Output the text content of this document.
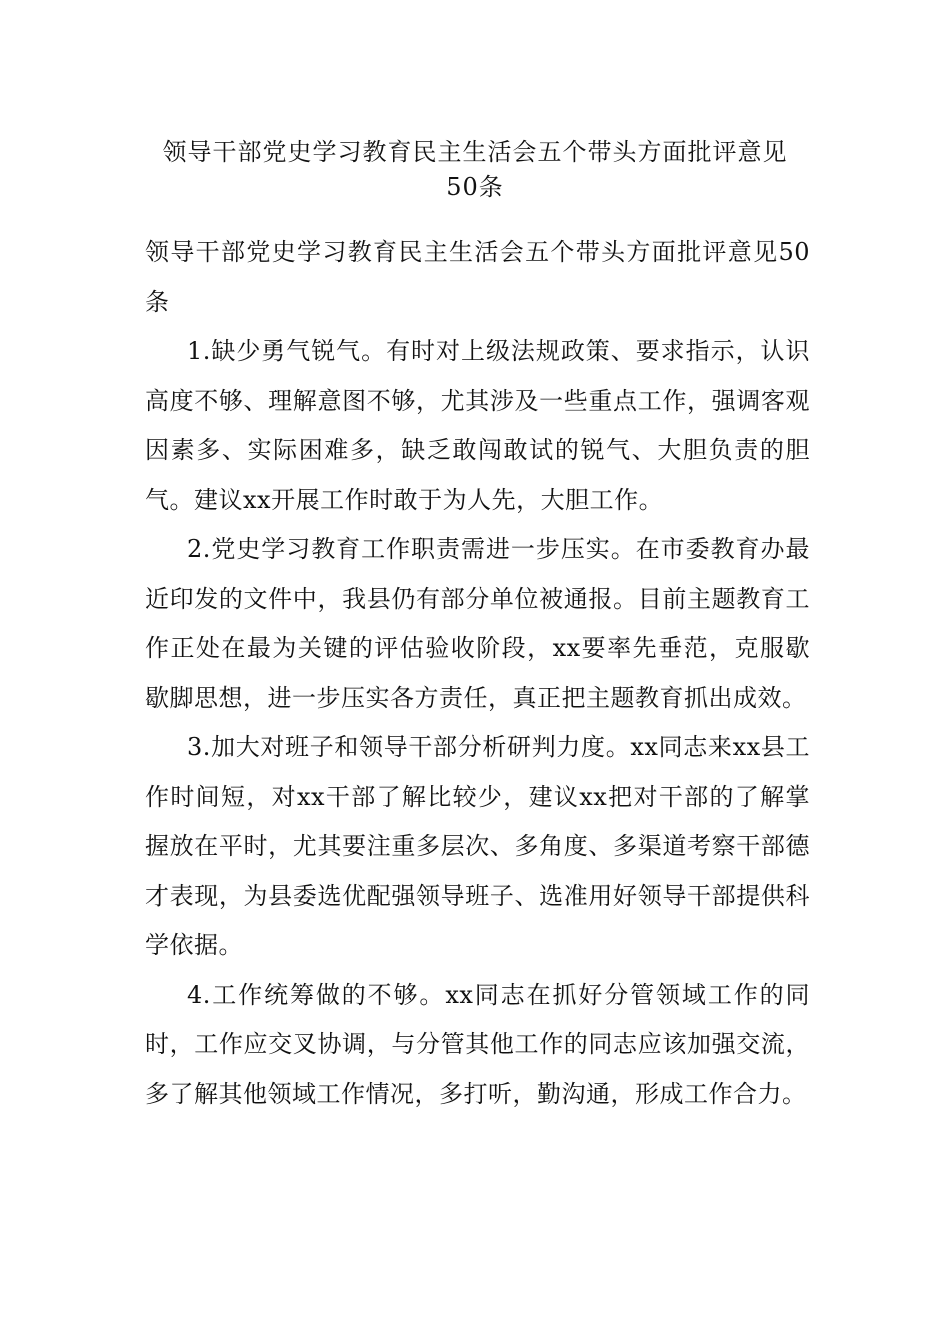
领导干部党史学习教育民主生活会五个带头方面批评意见
50条

领导干部党史学习教育民主生活会五个带头方面批评意见50条

1.缺少勇气锐气。有时对上级法规政策、要求指示，认识高度不够、理解意图不够，尤其涉及一些重点工作，强调客观因素多、实际困难多，缺乏敢闯敢试的锐气、大胆负责的胆气。建议xx开展工作时敢于为人先，大胆工作。

2.党史学习教育工作职责需进一步压实。在市委教育办最近印发的文件中，我县仍有部分单位被通报。目前主题教育工作正处在最为关键的评估验收阶段，xx要率先垂范，克服歇歇脚思想，进一步压实各方责任，真正把主题教育抓出成效。

3.加大对班子和领导干部分析研判力度。xx同志来xx县工作时间短，对xx干部了解比较少，建议xx把对干部的了解掌握放在平时，尤其要注重多层次、多角度、多渠道考察干部德才表现，为县委选优配强领导班子、选准用好领导干部提供科学依据。

4.工作统筹做的不够。xx同志在抓好分管领域工作的同时，工作应交叉协调，与分管其他工作的同志应该加强交流，多了解其他领域工作情况，多打听，勤沟通，形成工作合力。
